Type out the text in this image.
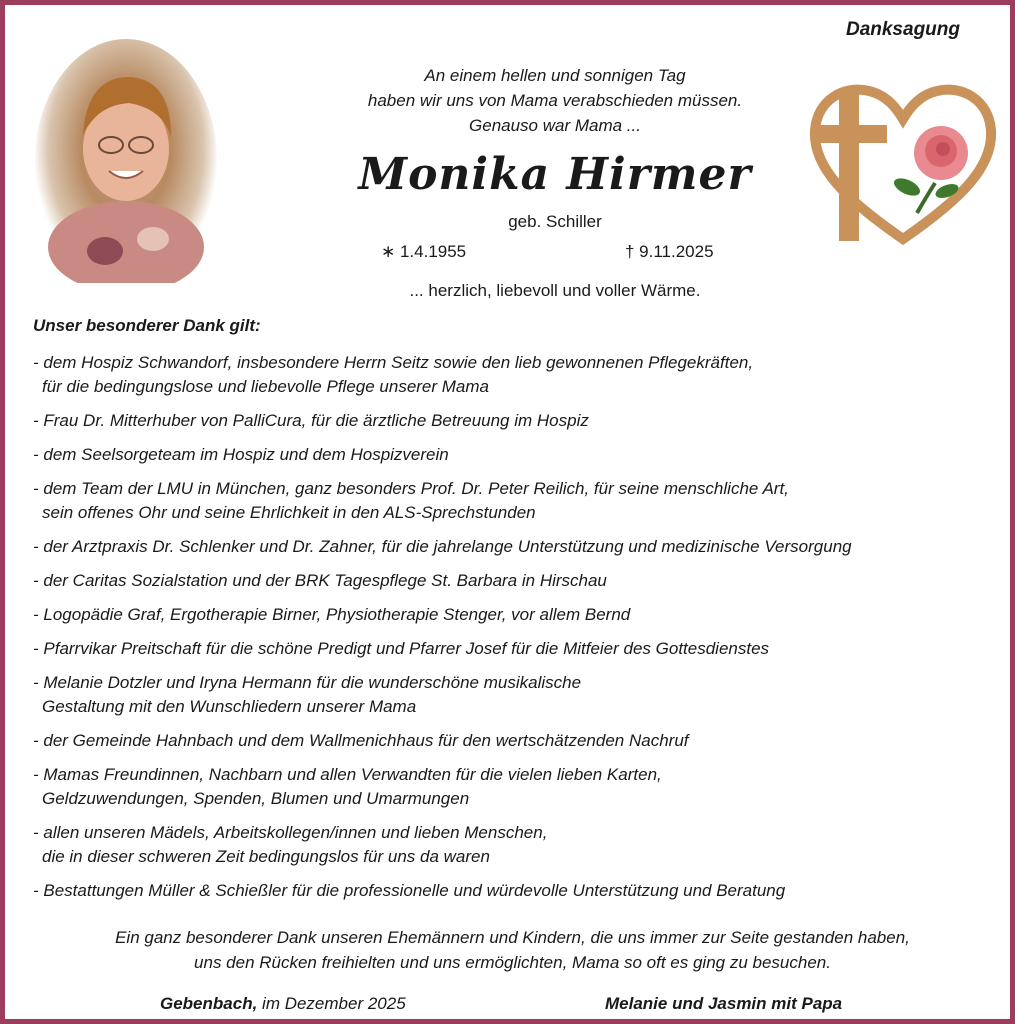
Danksagung
An einem hellen und sonnigen Tag
haben wir uns von Mama verabschieden müssen.
Genauso war Mama ...
Monika Hirmer
geb. Schiller
∗ 1.4.1955	† 9.11.2025
... herzlich, liebevoll und voller Wärme.
Unser besonderer Dank gilt:
- dem Hospiz Schwandorf, insbesondere Herrn Seitz sowie den lieb gewonnenen Pflegekräften,
für die bedingungslose und liebevolle Pflege unserer Mama
- Frau Dr. Mitterhuber von PalliCura, für die ärztliche Betreuung im Hospiz
- dem Seelsorgeteam im Hospiz und dem Hospizverein
- dem Team der LMU in München, ganz besonders Prof. Dr. Peter Reilich, für seine menschliche Art,
sein offenes Ohr und seine Ehrlichkeit in den ALS-Sprechstunden
- der Arztpraxis Dr. Schlenker und Dr. Zahner, für die jahrelange Unterstützung und medizinische Versorgung
- der Caritas Sozialstation und der BRK Tagespflege St. Barbara in Hirschau
- Logopädie Graf, Ergotherapie Birner, Physiotherapie Stenger, vor allem Bernd
- Pfarrvikar Preitschaft für die schöne Predigt und Pfarrer Josef für die Mitfeier des Gottesdienstes
- Melanie Dotzler und Iryna Hermann für die wunderschöne musikalische
Gestaltung mit den Wunschliedern unserer Mama
- der Gemeinde Hahnbach und dem Wallmenichhaus für den wertschätzenden Nachruf
- Mamas Freundinnen, Nachbarn und allen Verwandten für die vielen lieben Karten,
Geldzuwendungen, Spenden, Blumen und Umarmungen
- allen unseren Mädels, Arbeitskollegen/innen und lieben Menschen,
die in dieser schweren Zeit bedingungslos für uns da waren
- Bestattungen Müller & Schießler für die professionelle und würdevolle Unterstützung und Beratung
Ein ganz besonderer Dank unseren Ehemännern und Kindern, die uns immer zur Seite gestanden haben,
uns den Rücken freihielten und uns ermöglichten, Mama so oft es ging zu besuchen.
Gebenbach, im Dezember 2025	Melanie und Jasmin mit Papa
